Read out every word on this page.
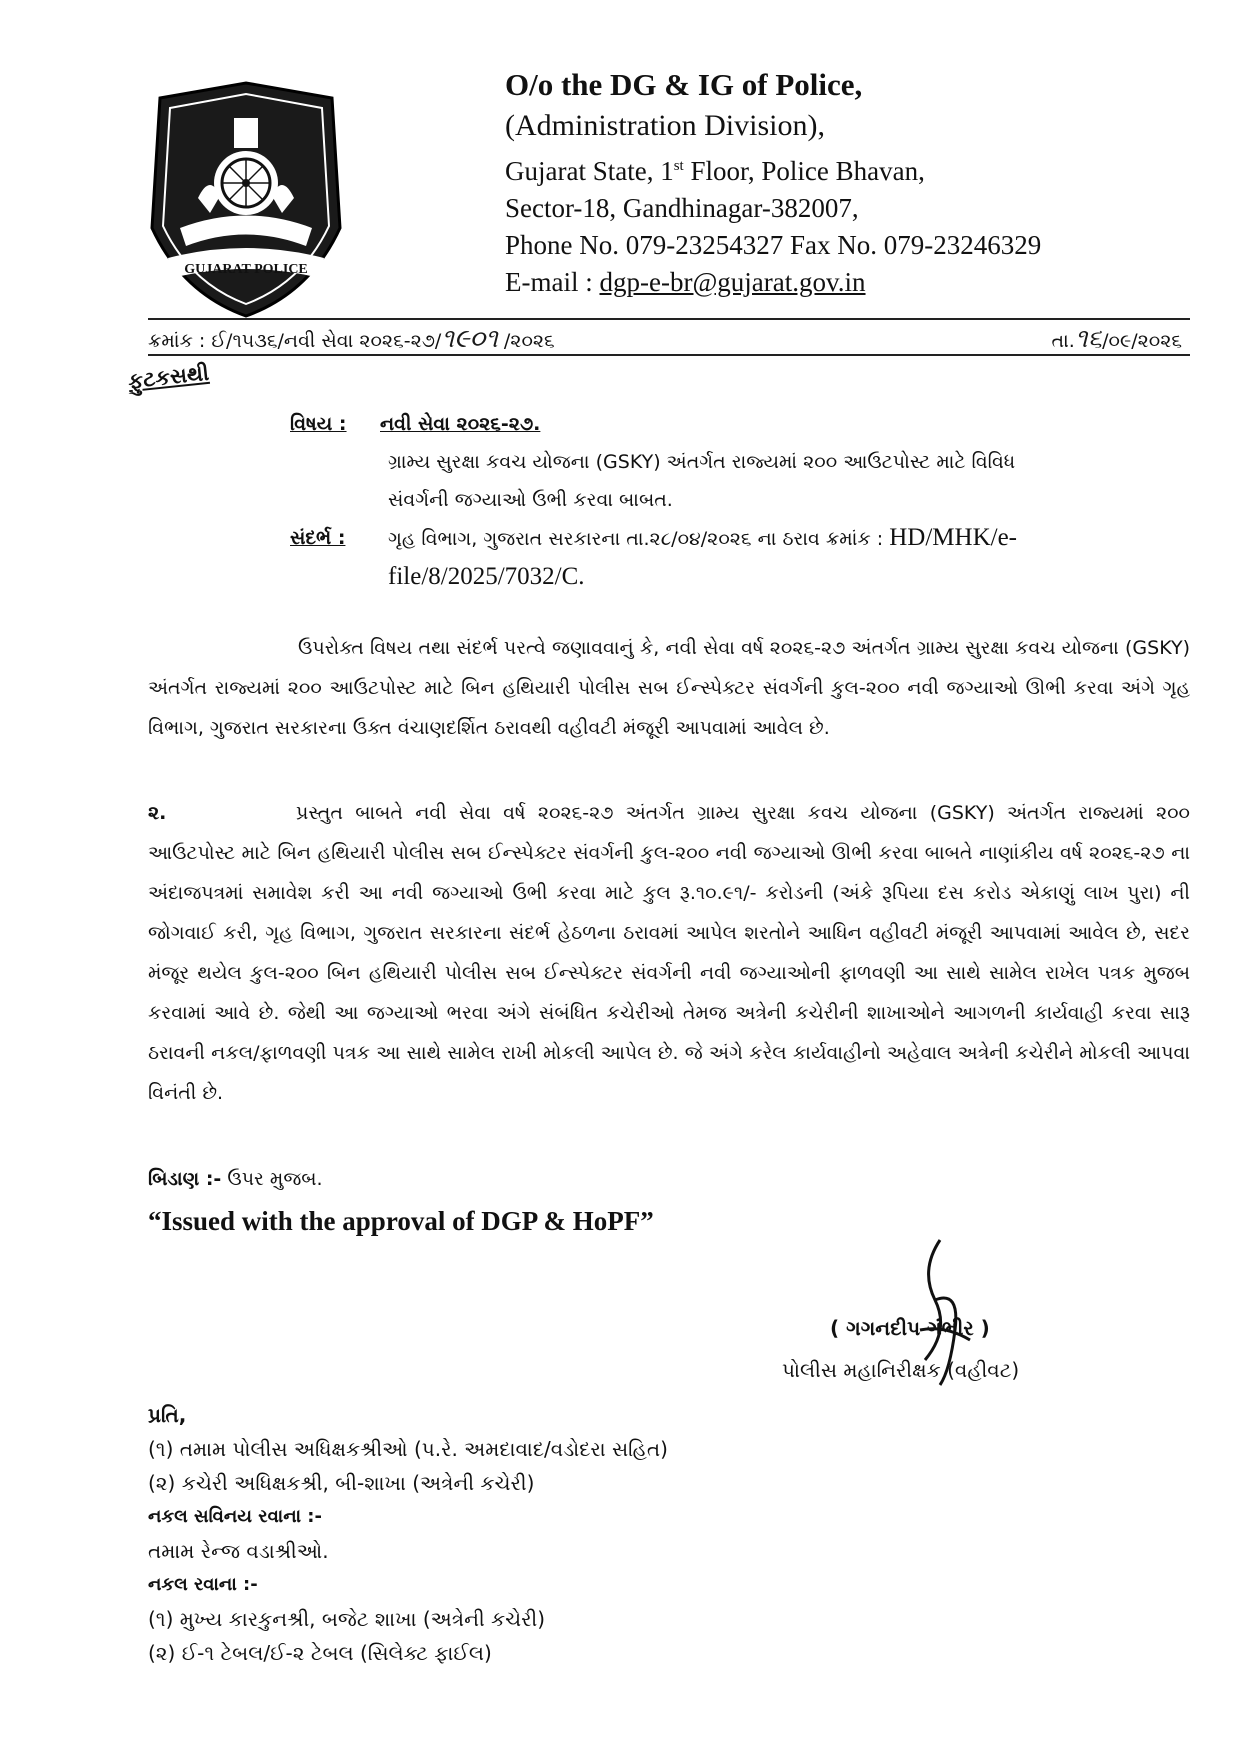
GUJARAT POLICE
O/o the DG & IG of Police,
(Administration Division),
Gujarat State, 1st Floor, Police Bhavan,
Sector-18, Gandhinagar-382007,
Phone No. 079-23254327 Fax No. 079-23246329
E-mail : dgp-e-br@gujarat.gov.in
ક્રમાંક : ઈ/૧૫૩૬/નવી સેવા ૨૦૨૬-૨૭/૧૯૦૧ /૨૦૨૬	તા.૧૬/૦૯/૨૦૨૬
ફુટકસથી
વિષય : નવી સેવા ૨૦૨૬-૨૭.
ગ્રામ્ય સુરક્ષા કવચ યોજના (GSKY) અંતર્ગત રાજ્યમાં ૨૦૦ આઉટપોસ્ટ માટે વિવિધ
સંવર્ગની જગ્યાઓ ઉભી કરવા બાબત.
સંદર્ભ :	ગૃહ વિભાગ, ગુજરાત સરકારના તા.૨૮/૦૪/૨૦૨૬ ના ઠરાવ ક્રમાંક : HD/MHK/e-file/8/2025/7032/C.
ઉપરોક્ત વિષય તથા સંદર્ભ પરત્વે જણાવવાનું કે, નવી સેવા વર્ષ ૨૦૨૬-૨૭ અંતર્ગત ગ્રામ્ય સુરક્ષા કવચ યોજના (GSKY) અંતર્ગત રાજ્યમાં ૨૦૦ આઉટપોસ્ટ માટે બિન હથિયારી પોલીસ સબ ઈન્સ્પેક્ટર સંવર્ગની કુલ-૨૦૦ નવી જગ્યાઓ ઊભી કરવા અંગે ગૃહ વિભાગ, ગુજરાત સરકારના ઉક્ત વંચાણદર્શિત ઠરાવથી વહીવટી મંજૂરી આપવામાં આવેલ છે.
૨.	પ્રસ્તુત બાબતે નવી સેવા વર્ષ ૨૦૨૬-૨૭ અંતર્ગત ગ્રામ્ય સુરક્ષા કવચ યોજના (GSKY) અંતર્ગત રાજ્યમાં ૨૦૦ આઉટપોસ્ટ માટે બિન હથિયારી પોલીસ સબ ઈન્સ્પેક્ટર સંવર્ગની કુલ-૨૦૦ નવી જગ્યાઓ ઊભી કરવા બાબતે નાણાંકીય વર્ષ ૨૦૨૬-૨૭ ના અંદાજપત્રમાં સમાવેશ કરી આ નવી જગ્યાઓ ઉભી કરવા માટે કુલ રૂ.૧૦.૯૧/- કરોડની (અંકે રૂપિયા દસ કરોડ એકાણું લાખ પુરા) ની જોગવાઈ કરી, ગૃહ વિભાગ, ગુજરાત સરકારના સંદર્ભ હેઠળના ઠરાવમાં આપેલ શરતોને આધિન વહીવટી મંજૂરી આપવામાં આવેલ છે, સદર મંજૂર થયેલ કુલ-૨૦૦ બિન હથિયારી પોલીસ સબ ઈન્સ્પેક્ટર સંવર્ગની નવી જગ્યાઓની ફાળવણી આ સાથે સામેલ રાખેલ પત્રક મુજબ કરવામાં આવે છે. જેથી આ જગ્યાઓ ભરવા અંગે સંબંધિત કચેરીઓ તેમજ અત્રેની કચેરીની શાખાઓને આગળની કાર્યવાહી કરવા સારૂ ઠરાવની નકલ/ફાળવણી પત્રક આ સાથે સામેલ રાખી મોકલી આપેલ છે. જે અંગે કરેલ કાર્યવાહીનો અહેવાલ અત્રેની કચેરીને મોકલી આપવા વિનંતી છે.
બિડાણ :- ઉપર મુજબ.
“Issued with the approval of DGP & HoPF”
( ગગનદીપ ગંભીર )
પોલીસ મહાનિરીક્ષક (વહીવટ)
પ્રતિ,
(૧) તમામ પોલીસ અધિક્ષકશ્રીઓ (પ.રે. અમદાવાદ/વડોદરા સહિત)
(૨) કચેરી અધિક્ષકશ્રી, બી-શાખા (અત્રેની કચેરી)
નકલ સવિનય રવાના :-
તમામ રેન્જ વડાશ્રીઓ.
નકલ રવાના :-
(૧) મુખ્ય કારકુનશ્રી, બજેટ શાખા (અત્રેની કચેરી)
(૨) ઈ-૧ ટેબલ/ઈ-૨ ટેબલ (સિલેક્ટ ફાઈલ)
